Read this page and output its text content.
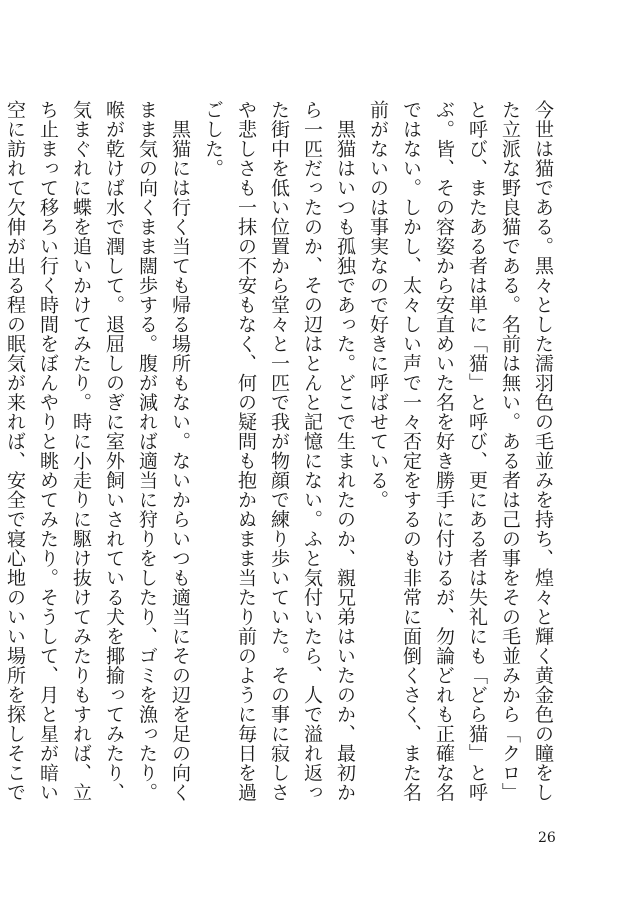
今世は猫である。黒々とした濡羽色の毛並みを持ち、煌々と輝く黄金色の瞳をした立派な野良猫である。名前は無い。ある者は己の事をその毛並みから「クロ」と呼び、またある者は単に「猫」と呼び、更にある者は失礼にも「どら猫」と呼ぶ。皆、その容姿から安直めいた名を好き勝手に付けるが、勿論どれも正確な名ではない。しかし、太々しい声で一々否定をするのも非常に面倒くさく、また名前がないのは事実なので好きに呼ばせている。

　黒猫はいつも孤独であった。どこで生まれたのか、親兄弟はいたのか、最初から一匹だったのか、その辺はとんと記憶にない。ふと気付いたら、人で溢れ返った街中を低い位置から堂々と一匹で我が物顔で練り歩いていた。その事に寂しさや悲しさも一抹の不安もなく、何の疑問も抱かぬまま当たり前のように毎日を過ごした。

　黒猫には行く当ても帰る場所もない。ないからいつも適当にその辺を足の向くまま気の向くまま闊歩する。腹が減れば適当に狩りをしたり、ゴミを漁ったり。喉が乾けば水で潤して。退屈しのぎに室外飼いされている犬を揶揄ってみたり、気まぐれに蝶を追いかけてみたり。時に小走りに駆け抜けてみたりもすれば、立ち止まって移ろい行く時間をぼんやりと眺めてみたり。そうして、月と星が暗い空に訪れて欠伸が出る程の眠気が来れば、安全で寝心地のいい場所を探しそこで

26
